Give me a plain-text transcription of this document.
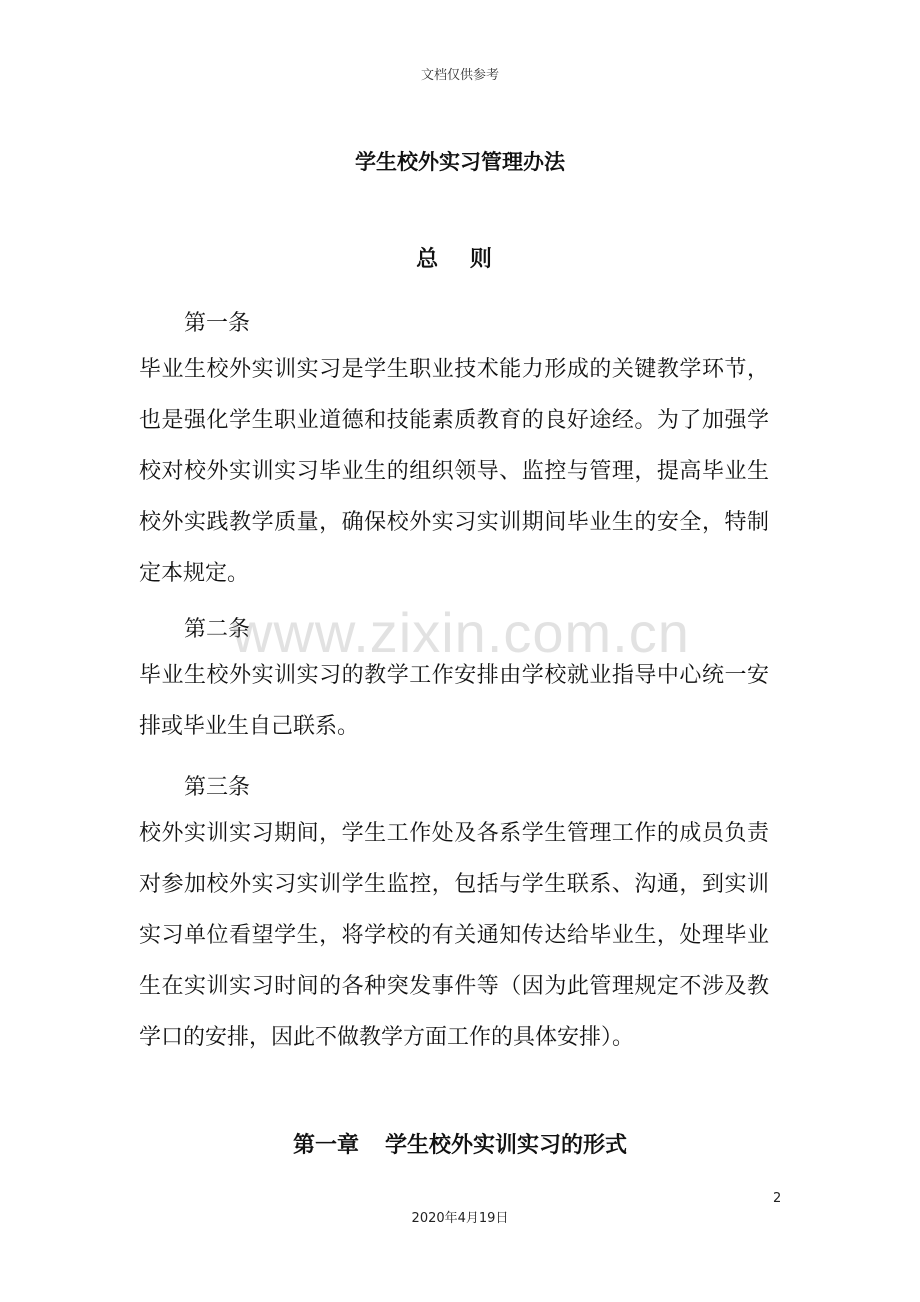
文档仅供参考
学生校外实习管理办法
总 则
第一条
毕业生校外实训实习是学生职业技术能力形成的关键教学环节，也是强化学生职业道德和技能素质教育的良好途经。为了加强学校对校外实训实习毕业生的组织领导、监控与管理，提高毕业生校外实践教学质量，确保校外实习实训期间毕业生的安全，特制定本规定。
第二条
毕业生校外实训实习的教学工作安排由学校就业指导中心统一安排或毕业生自己联系。
第三条
校外实训实习期间，学生工作处及各系学生管理工作的成员负责对参加校外实习实训学生监控，包括与学生联系、沟通，到实训实习单位看望学生，将学校的有关通知传达给毕业生，处理毕业生在实训实习时间的各种突发事件等（因为此管理规定不涉及教学口的安排，因此不做教学方面工作的具体安排）。
第一章 学生校外实训实习的形式
www.zixin.com.cn
2
2020年4月19日
